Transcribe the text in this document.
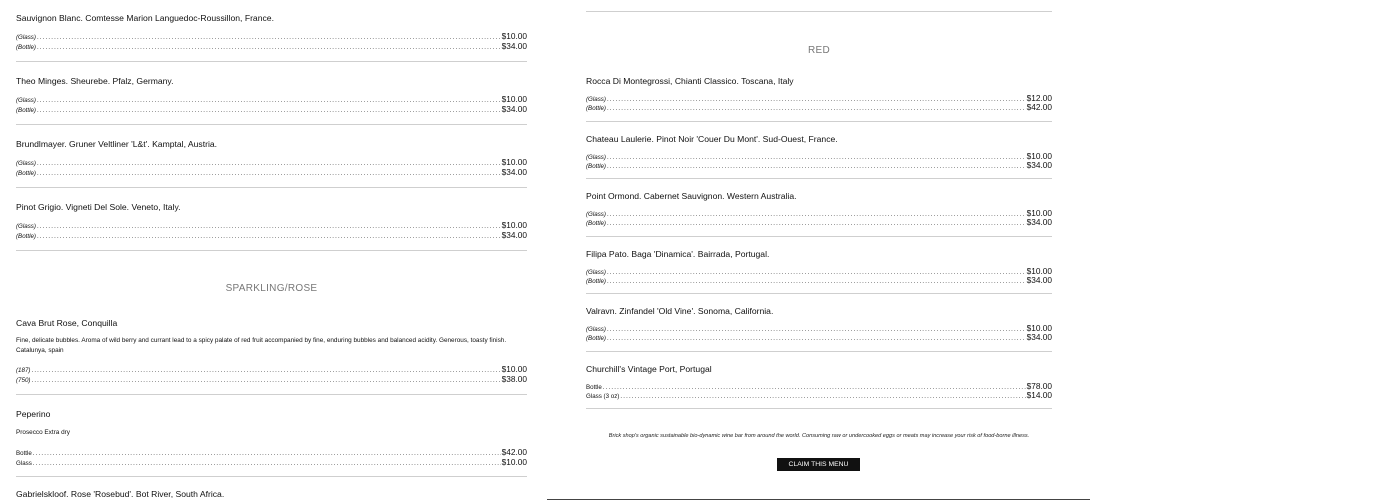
Sauvignon Blanc. Comtesse Marion Languedoc-Roussillon, France.
(Glass) .....	$10.00
(Bottle) .....	$34.00
Theo Minges. Sheurebe. Pfalz, Germany.
(Glass) .....	$10.00
(Bottle) .....	$34.00
Brundlmayer. Gruner Veltliner 'L&t'. Kamptal, Austria.
(Glass) .....	$10.00
(Bottle) .....	$34.00
Pinot Grigio. Vigneti Del Sole. Veneto, Italy.
(Glass) .....	$10.00
(Bottle) .....	$34.00
SPARKLING/ROSE
Cava Brut Rose, Conquilla
Fine, delicate bubbles. Aroma of wild berry and currant lead to a spicy palate of red fruit accompanied by fine, enduring bubbles and balanced acidity. Generous, toasty finish. Catalunya, spain
(187) .....	$10.00
(750) .....	$38.00
Peperino
Prosecco Extra dry
Bottle .....	$42.00
Glass .....	$10.00
Gabrielskloof. Rose 'Rosebud'. Bot River, South Africa.
RED
Rocca Di Montegrossi, Chianti Classico. Toscana, Italy
(Glass) .....	$12.00
(Bottle) .....	$42.00
Chateau Laulerie. Pinot Noir 'Couer Du Mont'. Sud-Ouest, France.
(Glass) .....	$10.00
(Bottle) .....	$34.00
Point Ormond. Cabernet Sauvignon. Western Australia.
(Glass) .....	$10.00
(Bottle) .....	$34.00
Filipa Pato. Baga 'Dinamica'. Bairrada, Portugal.
(Glass) .....	$10.00
(Bottle) .....	$34.00
Valravn. Zinfandel 'Old Vine'. Sonoma, California.
(Glass) .....	$10.00
(Bottle) .....	$34.00
Churchill's Vintage Port, Portugal
Bottle .....	$78.00
Glass (3 oz) .....	$14.00
Brick shop's organic sustainable bio-dynamic wine bar from around the world. Consuming raw or undercooked eggs or meats may increase your risk of food-borne illness.
CLAIM THIS MENU
